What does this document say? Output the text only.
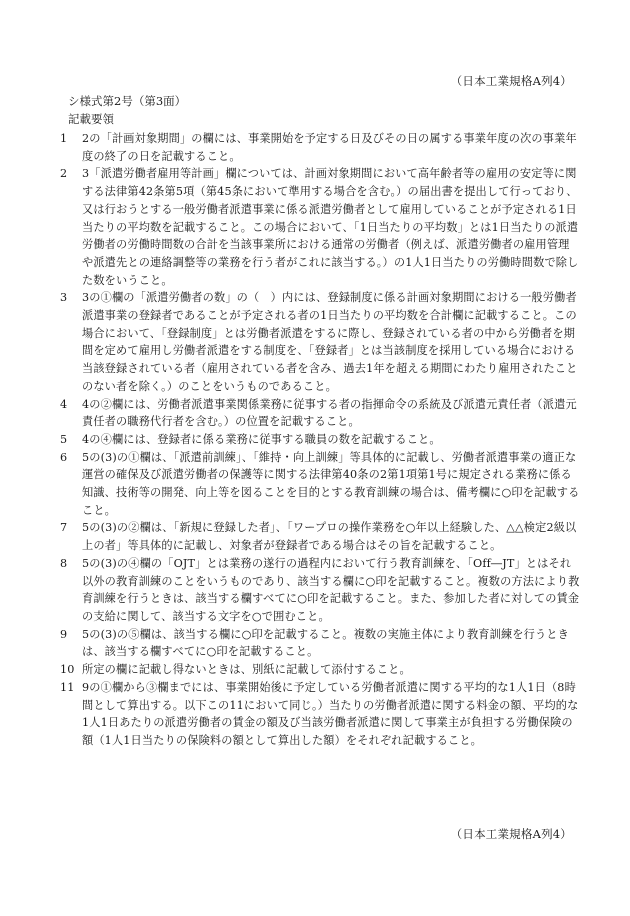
（日本工業規格A列4）
シ様式第2号（第3面）
記載要領
1	2の「計画対象期間」の欄には、事業開始を予定する日及びその日の属する事業年度の次の事業年度の終了の日を記載すること。
2	3「派遣労働者雇用等計画」欄については、計画対象期間において高年齢者等の雇用の安定等に関する法律第42条第5項（第45条において準用する場合を含む。）の届出書を提出して行っており、又は行おうとする一般労働者派遣事業に係る派遣労働者として雇用していることが予定される1日当たりの平均数を記載すること。この場合において、「1日当たりの平均数」とは1日当たりの派遣労働者の労働時間数の合計を当該事業所における通常の労働者（例えば、派遣労働者の雇用管理や派遣先との連絡調整等の業務を行う者がこれに該当する。）の1人1日当たりの労働時間数で除した数をいうこと。
3	3の①欄の「派遣労働者の数」の（　）内には、登録制度に係る計画対象期間における一般労働者派遣事業の登録者であることが予定される者の1日当たりの平均数を合計欄に記載すること。この場合において、「登録制度」とは労働者派遣をするに際し、登録されている者の中から労働者を期間を定めて雇用し労働者派遣をする制度を、「登録者」とは当該制度を採用している場合における当該登録されている者（雇用されている者を含み、過去1年を超える期間にわたり雇用されたことのない者を除く。）のことをいうものであること。
4	4の②欄には、労働者派遣事業関係業務に従事する者の指揮命令の系統及び派遣元責任者（派遣元責任者の職務代行者を含む。）の位置を記載すること。
5	4の④欄には、登録者に係る業務に従事する職員の数を記載すること。
6	5の(3)の①欄は、「派遣前訓練」、「維持・向上訓練」等具体的に記載し、労働者派遣事業の適正な運営の確保及び派遣労働者の保護等に関する法律第40条の2第1項第1号に規定される業務に係る知識、技術等の開発、向上等を図ることを目的とする教育訓練の場合は、備考欄に○印を記載すること。
7	5の(3)の②欄は、「新規に登録した者」、「ワープロの操作業務を○年以上経験した、△△検定2級以上の者」等具体的に記載し、対象者が登録者である場合はその旨を記載すること。
8	5の(3)の④欄の「OJT」とは業務の遂行の過程内において行う教育訓練を、「Off―JT」とはそれ以外の教育訓練のことをいうものであり、該当する欄に○印を記載すること。複数の方法により教育訓練を行うときは、該当する欄すべてに○印を記載すること。また、参加した者に対しての賃金の支給に関して、該当する文字を○で囲むこと。
9	5の(3)の⑤欄は、該当する欄に○印を記載すること。複数の実施主体により教育訓練を行うときは、該当する欄すべてに○印を記載すること。
10 所定の欄に記載し得ないときは、別紙に記載して添付すること。
11 9の①欄から③欄までには、事業開始後に予定している労働者派遣に関する平均的な1人1日（8時間として算出する。以下この11において同じ。）当たりの労働者派遣に関する料金の額、平均的な1人1日あたりの派遣労働者の賃金の額及び当該労働者派遣に関して事業主が負担する労働保険の額（1人1日当たりの保険料の額として算出した額）をそれぞれ記載すること。
（日本工業規格A列4）
